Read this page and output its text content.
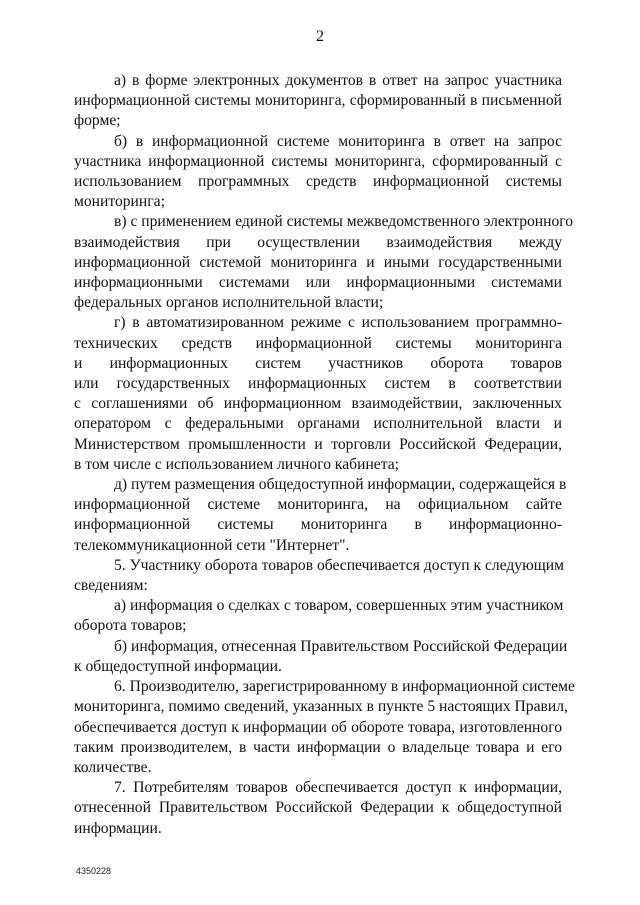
2

а) в форме электронных документов в ответ на запрос участника
информационной системы мониторинга, сформированный в письменной
форме;

б) в информационной системе мониторинга в ответ на запрос
участника информационной системы мониторинга, сформированный с
использованием программных средств информационной системы
мониторинга;

в) с применением единой системы межведомственного электронного
взаимодействия при осуществлении взаимодействия между
информационной системой мониторинга и иными государственными
информационными системами или информационными системами
федеральных органов исполнительной власти;

г) в автоматизированном режиме с использованием программно-
технических средств информационной системы мониторинга
и информационных систем участников оборота товаров
или государственных информационных систем в соответствии
с соглашениями об информационном взаимодействии, заключенных
оператором с федеральными органами исполнительной власти и
Министерством промышленности и торговли Российской Федерации,
в том числе с использованием личного кабинета;

д) путем размещения общедоступной информации, содержащейся в
информационной системе мониторинга, на официальном сайте
информационной системы мониторинга в информационно-
телекоммуникационной сети "Интернет".

5. Участнику оборота товаров обеспечивается доступ к следующим
сведениям:

а) информация о сделках с товаром, совершенных этим участником
оборота товаров;

б) информация, отнесенная Правительством Российской Федерации
к общедоступной информации.

6. Производителю, зарегистрированному в информационной системе
мониторинга, помимо сведений, указанных в пункте 5 настоящих Правил,
обеспечивается доступ к информации об обороте товара, изготовленного
таким производителем, в части информации о владельце товара и его
количестве.

7. Потребителям товаров обеспечивается доступ к информации,
отнесенной Правительством Российской Федерации к общедоступной
информации.

4350228
